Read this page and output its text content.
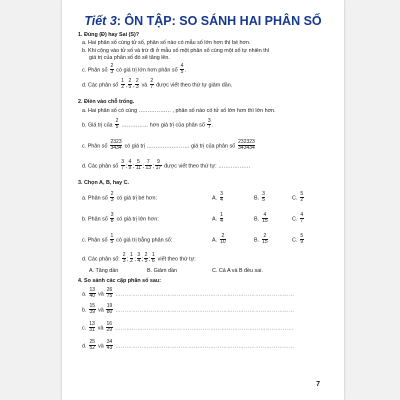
Tiết 3: ÔN TẬP: SO SÁNH HAI PHÂN SỐ
1. Đúng (Đ) hay Sai (S)?
a. Hai phân số cùng tử số, phân số nào có mẫu số lớn hơn thì bé hơn.
b. Khi cộng vào tử số và trừ đi ở mẫu số một phân số cùng một số tự nhiên thì
giá trị của phân số đó sẽ tăng lên.
c. Phân số $\frac{2}{3}$ có giá trị lớn hơn phân số $\frac{4}{5}$ .
d. Các phân số $\frac{1}{2}$ , $\frac{2}{5}$ , $\frac{2}{3}$ và $\frac{2}{7}$ được viết theo thứ tự giảm dần.
2. Điền vào chỗ trống.
a. Hai phân số có cùng ……………… , phân số nào có tử số lớn hơn thì lớn hơn.
b. Giá trị của $\frac{2}{5}$ …………… hơn giá trị của phân số $\frac{3}{7}$ .
c. Phân số $\frac{2323}{3434}$ có giá trị …………………… giá trị của phân số $\frac{232323}{343434}$
d. Các phân số $\frac{3}{7}$ ; $\frac{4}{9}$ ; $\frac{5}{11}$ ; $\frac{7}{13}$ ; $\frac{9}{17}$ được viết theo thứ tự: ………………
3. Chọn A, B, hay C.
a. Phân số $\frac{2}{3}$ có giá trị bé hơn:	A. $\frac{3}{4}$	B. $\frac{3}{5}$	C. $\frac{5}{2}$
b. Phân số $\frac{3}{8}$ có giá trị lớn hơn:	A. $\frac{1}{4}$	B. $\frac{4}{15}$	C. $\frac{4}{7}$
c. Phân số $\frac{1}{5}$ có giá trị bằng phân số:	A. $\frac{2}{10}$	B. $\frac{2}{15}$	C. $\frac{5}{9}$
d. Các phân số: $\frac{2}{3}$ ; $\frac{1}{2}$ ; $\frac{3}{4}$ ; $\frac{2}{5}$ ; $\frac{1}{6}$ viết theo thứ tự:
A. Tăng dần	B. Giảm dần	C. Cả A và B đều sai.
4. So sánh các cặp phân số sau:
a. $\frac{13}{40}$ và $\frac{26}{75}$ ……………………………………………………………………………………
b. $\frac{15}{39}$ và $\frac{19}{80}$ ……………………………………………………………………………………
c. $\frac{13}{31}$ và $\frac{16}{29}$ ……………………………………………………………………………………
d. $\frac{25}{52}$ và $\frac{34}{43}$ ……………………………………………………………………………………
7
